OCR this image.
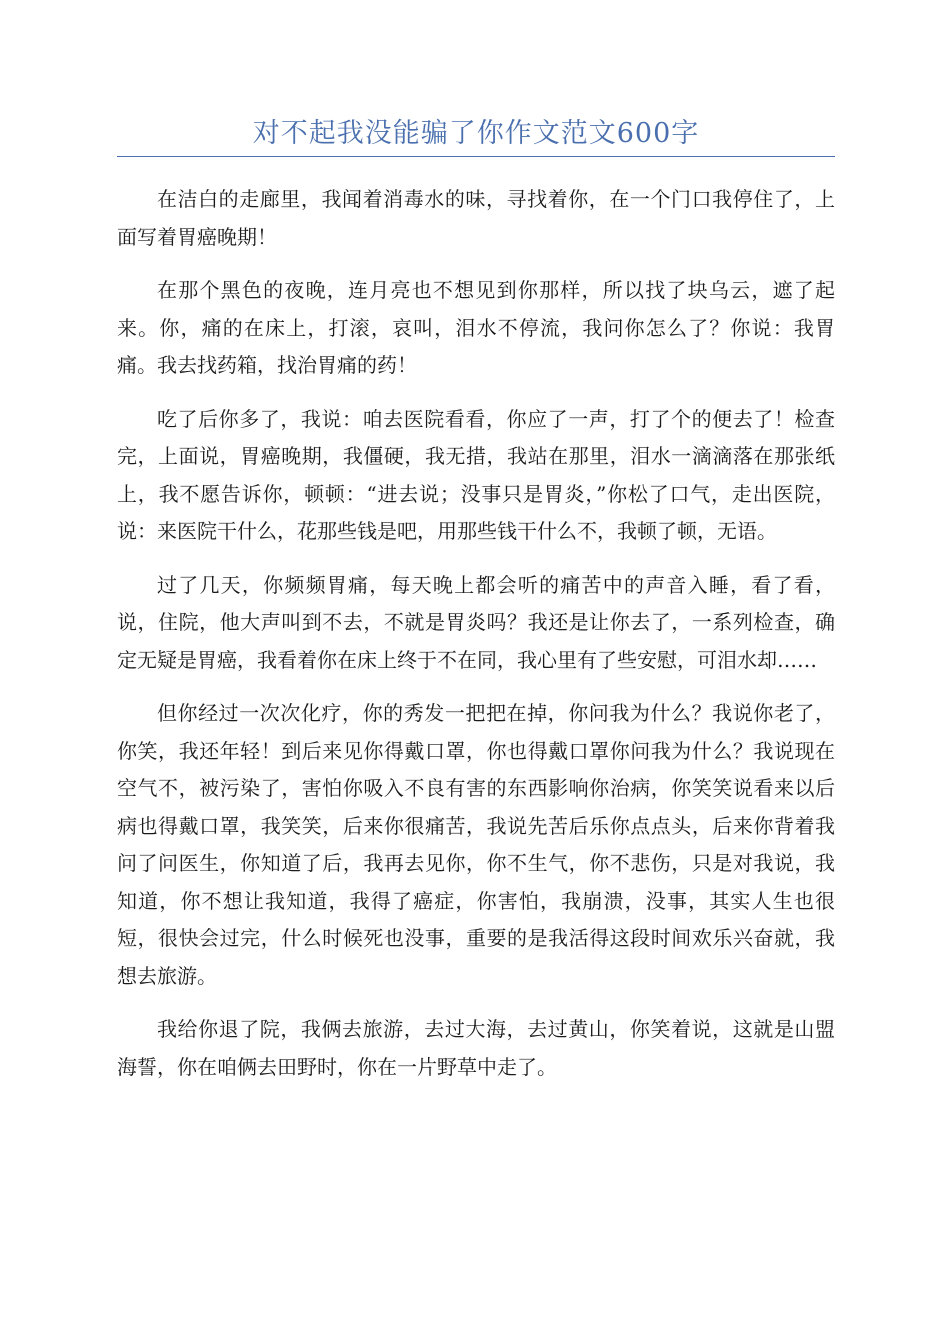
对不起我没能骗了你作文范文600字

在洁白的走廊里，我闻着消毒水的味，寻找着你，在一个门口我停住了，上面写着胃癌晚期！

在那个黑色的夜晚，连月亮也不想见到你那样，所以找了块乌云，遮了起来。你，痛的在床上，打滚，哀叫，泪水不停流，我问你怎么了？你说：我胃痛。我去找药箱，找治胃痛的药！

吃了后你多了，我说：咱去医院看看，你应了一声，打了个的便去了！检查完，上面说，胃癌晚期，我僵硬，我无措，我站在那里，泪水一滴滴落在那张纸上，我不愿告诉你，顿顿：“进去说；没事只是胃炎，”你松了口气，走出医院，说：来医院干什么，花那些钱是吧，用那些钱干什么不，我顿了顿，无语。

过了几天，你频频胃痛，每天晚上都会听的痛苦中的声音入睡，看了看，说，住院，他大声叫到不去，不就是胃炎吗？我还是让你去了，一系列检查，确定无疑是胃癌，我看着你在床上终于不在同，我心里有了些安慰，可泪水却……

但你经过一次次化疗，你的秀发一把把在掉，你问我为什么？我说你老了，你笑，我还年轻！到后来见你得戴口罩，你也得戴口罩你问我为什么？我说现在空气不，被污染了，害怕你吸入不良有害的东西影响你治病，你笑笑说看来以后病也得戴口罩，我笑笑，后来你很痛苦，我说先苦后乐你点点头，后来你背着我问了问医生，你知道了后，我再去见你，你不生气，你不悲伤，只是对我说，我知道，你不想让我知道，我得了癌症，你害怕，我崩溃，没事，其实人生也很短，很快会过完，什么时候死也没事，重要的是我活得这段时间欢乐兴奋就，我想去旅游。

我给你退了院，我俩去旅游，去过大海，去过黄山，你笑着说，这就是山盟海誓，你在咱俩去田野时，你在一片野草中走了。
